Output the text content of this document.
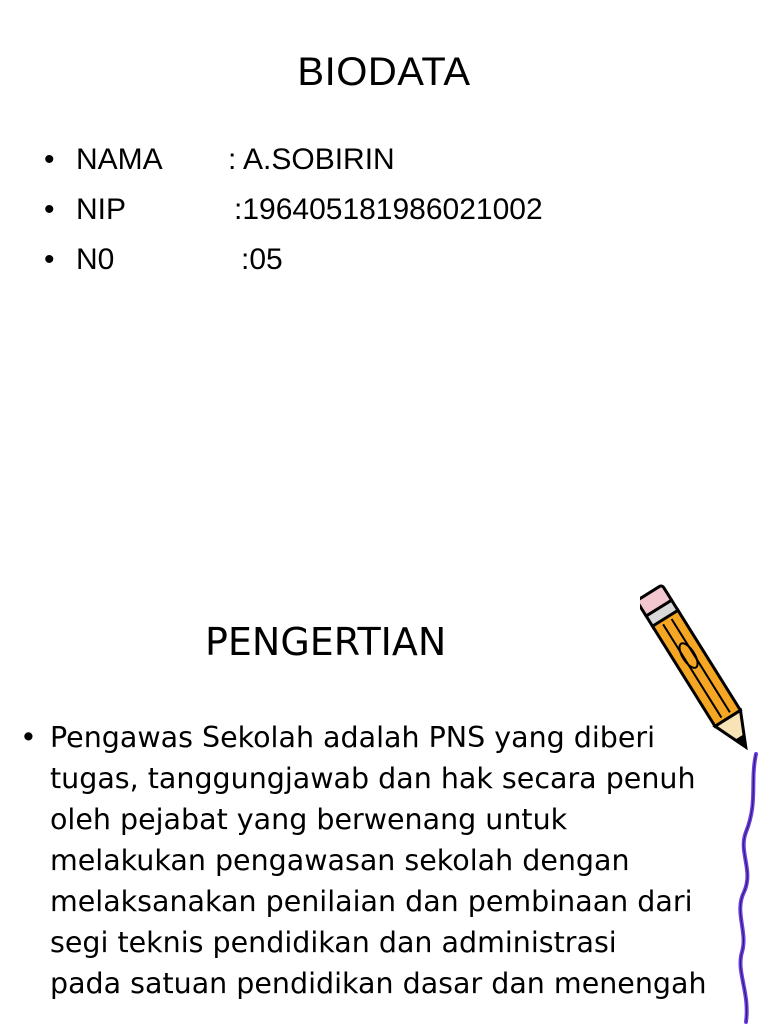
BIODATA
• NAMA : A.SOBIRIN
• NIP	:196405181986021002
• N0	:05
PENGERTIAN
• Pengawas Sekolah adalah PNS yang diberi
tugas, tanggungjawab dan hak secara penuh
oleh pejabat yang berwenang untuk
melakukan pengawasan sekolah dengan
melaksanakan penilaian dan pembinaan dari
segi teknis pendidikan dan administrasi
pada satuan pendidikan dasar dan menengah
